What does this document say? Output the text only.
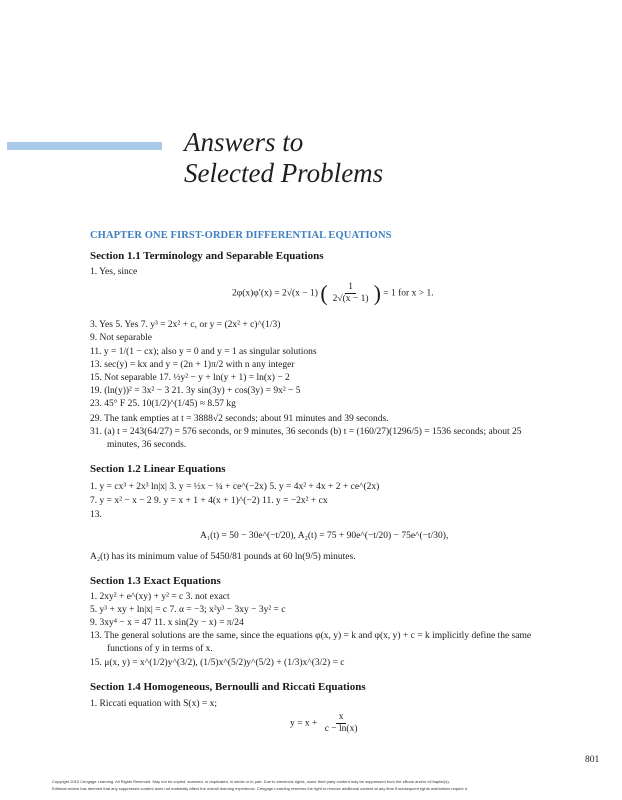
Answers to
Selected Problems
CHAPTER ONE FIRST-ORDER DIFFERENTIAL EQUATIONS
Section 1.1 Terminology and Separable Equations
1. Yes, since
2φ(x)φ′(x) = 2√(x − 1) ( $\frac{1}{2√(x - 1)}$ ) = 1 for x > 1.
3. Yes 5. Yes 7. y³ = 2x² + c, or y = (2x² + c)^(1/3)
9. Not separable
11. y = 1/(1 − cx); also y = 0 and y = 1 as singular solutions
13. sec(y) = kx and y = (2n + 1)π/2 with n any integer
15. Not separable 17. ½y² − y + ln(y + 1) = ln(x) − 2
19. (ln(y))² = 3x² − 3 21. 3y sin(3y) + cos(3y) = 9x² − 5
23. 45° F 25. 10(1/2)^(1/45) ≈ 8.57 kg
29. The tank empties at t = 3888√2 seconds; about 91 minutes and 39 seconds.
31. (a) t = 243(64/27) = 576 seconds, or 9 minutes, 36 seconds (b) t = (160/27)(1296/5) = 1536 seconds; about 25
minutes, 36 seconds.
Section 1.2 Linear Equations
1. y = cx³ + 2x³ ln|x| 3. y = ½x − ¼ + ce^(−2x) 5. y = 4x² + 4x + 2 + ce^(2x)
7. y = x² − x − 2 9. y = x + 1 + 4(x + 1)^(−2) 11. y = −2x² + cx
13.
A₁(t) = 50 − 30e^(−t/20), A₂(t) = 75 + 90e^(−t/20) − 75e^(−t/30),
A₂(t) has its minimum value of 5450/81 pounds at 60 ln(9/5) minutes.
Section 1.3 Exact Equations
1. 2xy² + e^(xy) + y² = c 3. not exact
5. y³ + xy + ln|x| = c 7. α = −3; x²y³ − 3xy − 3y² = c
9. 3xy⁴ − x = 47 11. x sin(2y − x) = π/24
13. The general solutions are the same, since the equations φ(x, y) = k and φ(x, y) + c = k implicitly define the same
functions of y in terms of x.
15. μ(x, y) = x^(1/2)y^(3/2), (1/5)x^(5/2)y^(5/2) + (1/3)x^(3/2) = c
Section 1.4 Homogeneous, Bernoulli and Riccati Equations
1. Riccati equation with S(x) = x;
$y = x + \frac{x}{c - \ln(x)}$
801
Copyright 2010 Cengage Learning. All Rights Reserved. May not be copied, scanned, or duplicated, in whole or in part. Due to electronic rights, some third party content may be suppressed from the eBook and/or eChapter(s).
Editorial review has deemed that any suppressed content does not materially affect the overall learning experience. Cengage Learning reserves the right to remove additional content at any time if subsequent rights restrictions require it.
